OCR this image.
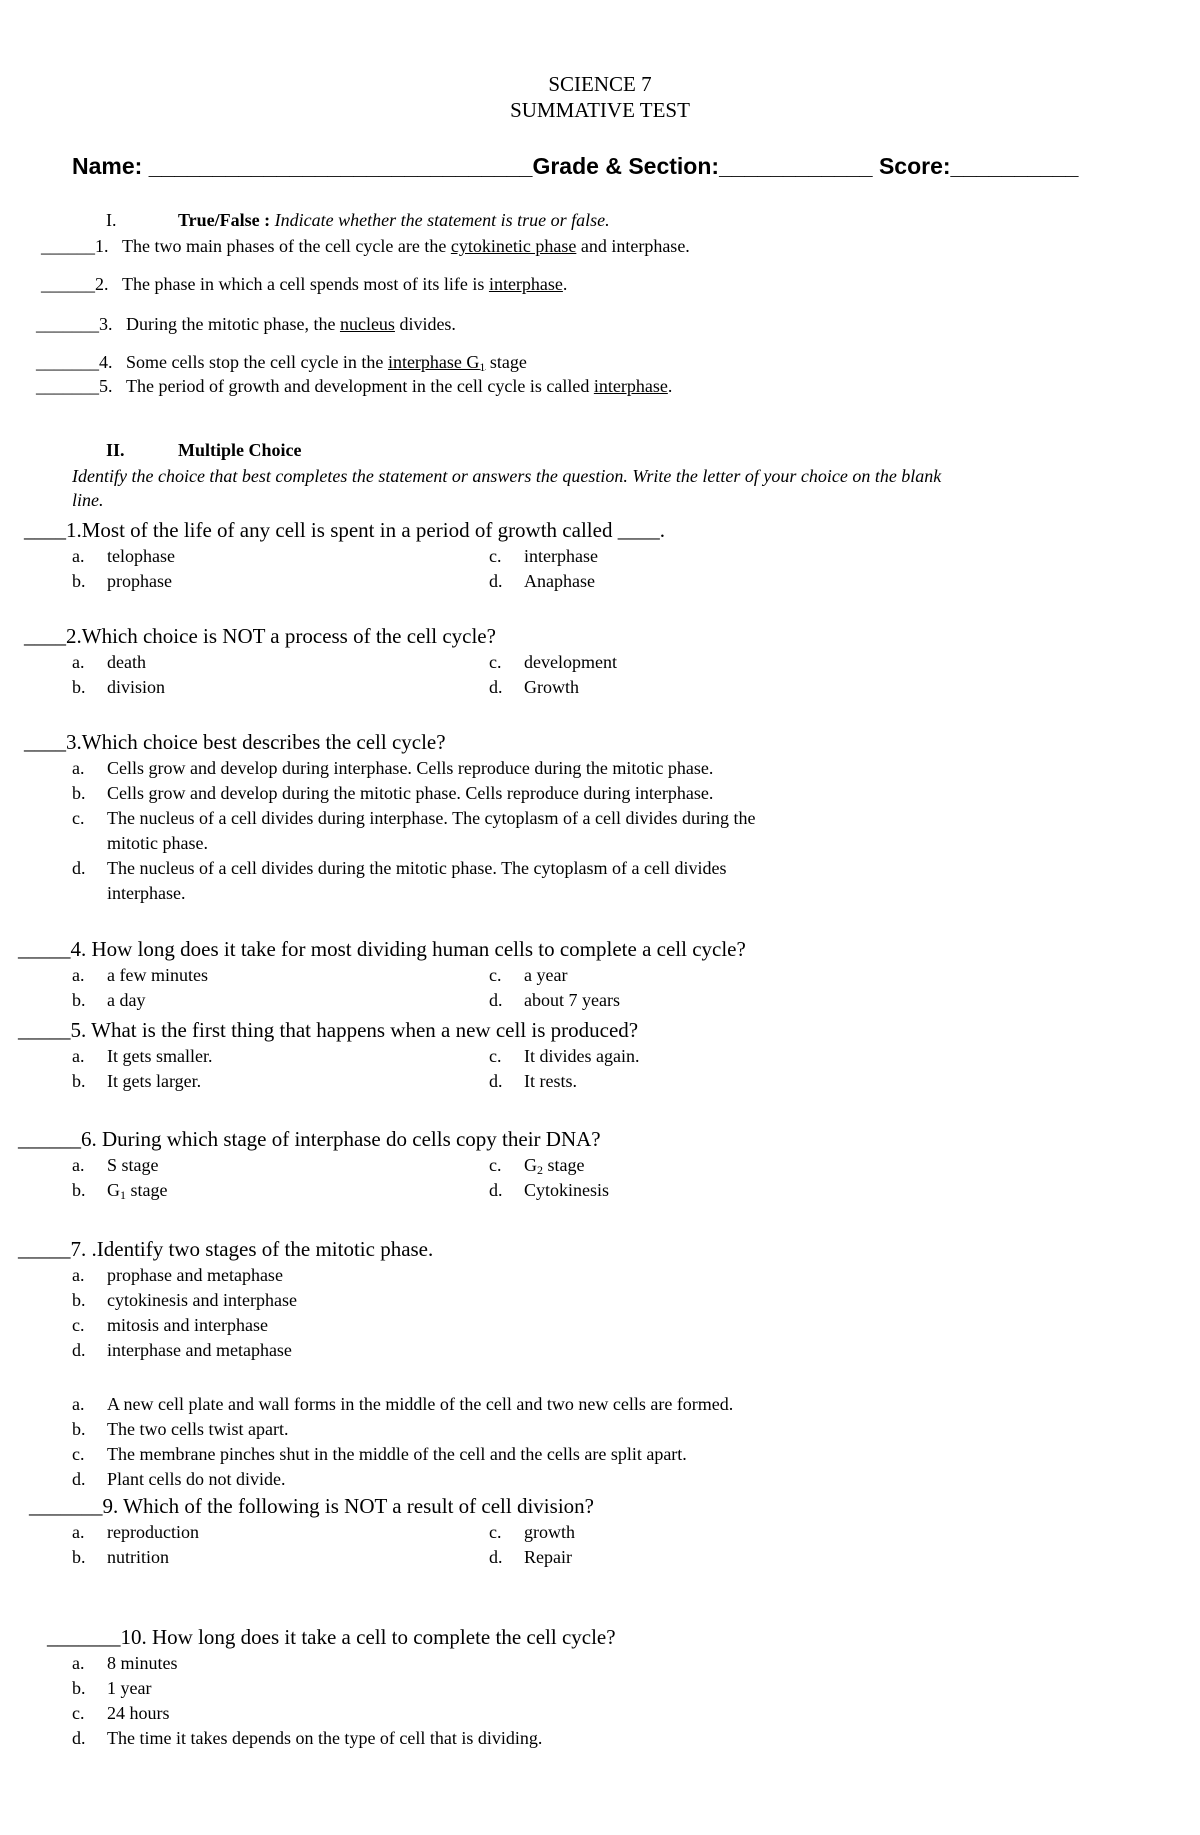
SCIENCE 7
SUMMATIVE TEST
Name: ______________________________Grade & Section:____________ Score:__________
I.	True/False : Indicate whether the statement is true or false.
______1. The two main phases of the cell cycle are the cytokinetic phase and interphase.
______2. The phase in which a cell spends most of its life is interphase.
_______3. During the mitotic phase, the nucleus divides.
_______4. Some cells stop the cell cycle in the interphase $G_1$ stage
_______5. The period of growth and development in the cell cycle is called interphase.
II.	Multiple Choice
Identify the choice that best completes the statement or answers the question. Write the letter of your choice on the blank
line.
____1.Most of the life of any cell is spent in a period of growth called ____.
a. telophase
b. prophase
c. interphase
d. Anaphase
____2.Which choice is NOT a process of the cell cycle?
a. death
b. division
c. development
d. Growth
____3.Which choice best describes the cell cycle?
a. Cells grow and develop during interphase. Cells reproduce during the mitotic phase.
b. Cells grow and develop during the mitotic phase. Cells reproduce during interphase.
c. The nucleus of a cell divides during interphase. The cytoplasm of a cell divides during the
mitotic phase.
d. The nucleus of a cell divides during the mitotic phase. The cytoplasm of a cell divides
interphase.
_____4. How long does it take for most dividing human cells to complete a cell cycle?
a. a few minutes
b. a day
c. a year
d. about 7 years
_____5. What is the first thing that happens when a new cell is produced?
a. It gets smaller.
b. It gets larger.
c. It divides again.
d. It rests.
______6. During which stage of interphase do cells copy their DNA?
a. S stage
b. $G_1$ stage
c. $G_2$ stage
d. Cytokinesis
_____7. .Identify two stages of the mitotic phase.
a. prophase and metaphase
b. cytokinesis and interphase
c. mitosis and interphase
d. interphase and metaphase
a. A new cell plate and wall forms in the middle of the cell and two new cells are formed.
b. The two cells twist apart.
c. The membrane pinches shut in the middle of the cell and the cells are split apart.
d. Plant cells do not divide.
_______9. Which of the following is NOT a result of cell division?
a. reproduction
b. nutrition
c. growth
d. Repair
_______10. How long does it take a cell to complete the cell cycle?
a. 8 minutes
b. 1 year
c. 24 hours
d. The time it takes depends on the type of cell that is dividing.
